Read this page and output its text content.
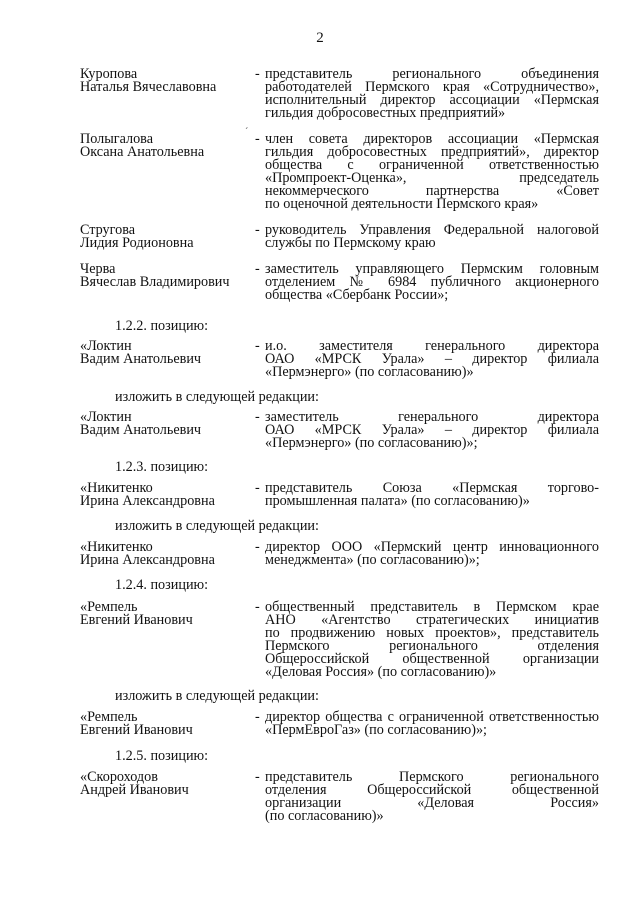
2
´
Куропова
Наталья Вячеславовна
- представитель регионального объединения
работодателей Пермского края «Сотрудничество»,
исполнительный директор ассоциации «Пермская
гильдия добросовестных предприятий»
Полыгалова
Оксана Анатольевна
- член совета директоров ассоциации «Пермская
гильдия добросовестных предприятий», директор
общества с ограниченной ответственностью
«Промпроект-Оценка», председатель
некоммерческого партнерства «Совет
по оценочной деятельности Пермского края»
Стругова
Лидия Родионовна
- руководитель Управления Федеральной налоговой
службы по Пермскому краю
Черва
Вячеслав Владимирович
- заместитель управляющего Пермским головным
отделением № 6984 публичного акционерного
общества «Сбербанк России»;
1.2.2. позицию:
«Локтин
Вадим Анатольевич
- и.о. заместителя генерального директора
ОАО «МРСК Урала» – директор филиала
«Пермэнерго» (по согласованию)»
изложить в следующей редакции:
«Локтин
Вадим Анатольевич
- заместитель генерального директора
ОАО «МРСК Урала» – директор филиала
«Пермэнерго» (по согласованию)»;
1.2.3. позицию:
«Никитенко
Ирина Александровна
- представитель Союза «Пермская торгово-
промышленная палата» (по согласованию)»
изложить в следующей редакции:
«Никитенко
Ирина Александровна
- директор ООО «Пермский центр инновационного
менеджмента» (по согласованию)»;
1.2.4. позицию:
«Ремпель
Евгений Иванович
- общественный представитель в Пермском крае
АНО «Агентство стратегических инициатив
по продвижению новых проектов», представитель
Пермского регионального отделения
Общероссийской общественной организации
«Деловая Россия» (по согласованию)»
изложить в следующей редакции:
«Ремпель
Евгений Иванович
- директор общества с ограниченной ответственностью
«ПермЕвроГаз» (по согласованию)»;
1.2.5. позицию:
«Скороходов
Андрей Иванович
- представитель Пермского регионального
отделения Общероссийской общественной
организации «Деловая Россия»
(по согласованию)»
